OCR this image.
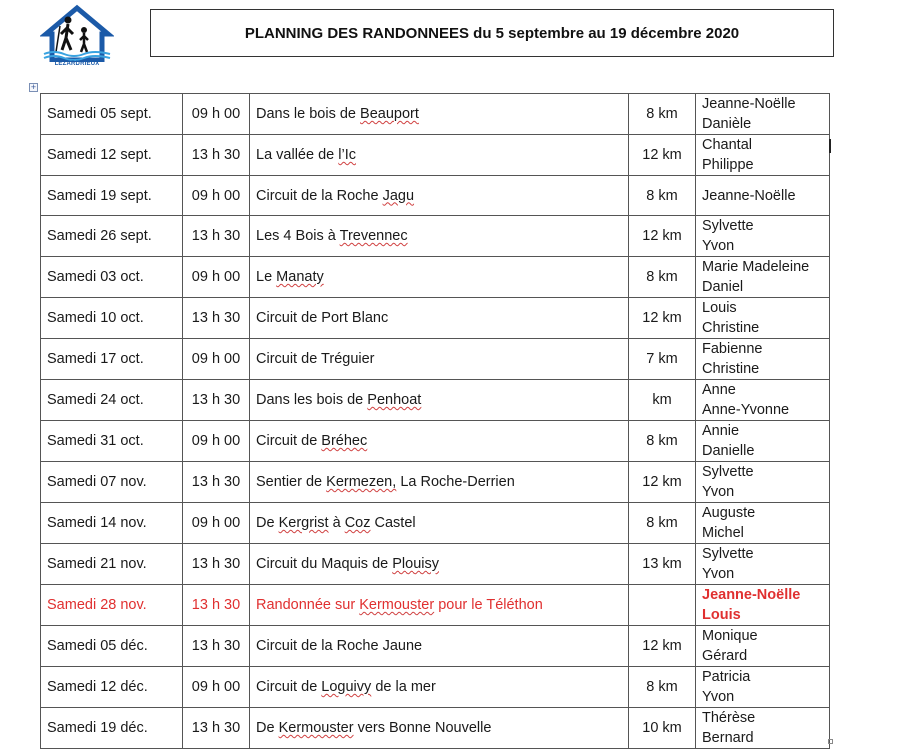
LEZARDRIEUX
PLANNING DES RANDONNEES du 5 septembre au 19 décembre 2020
+
Samedi 05 sept.	09 h 00	Dans le bois de Beauport	8 km	Jeanne-Noëlle
Danièle

Samedi 12 sept.	13 h 30	La vallée de l’Ic	12 km	Chantal
Philippe

Samedi 19 sept.	09 h 00	Circuit de la Roche Jagu	8 km	Jeanne-Noëlle

Samedi 26 sept.	13 h 30	Les 4 Bois à Trevennec	12 km	Sylvette
Yvon

Samedi 03 oct.	09 h 00	Le Manaty	8 km	Marie Madeleine
Daniel

Samedi 10 oct.	13 h 30	Circuit de Port Blanc	12 km	Louis
Christine

Samedi 17 oct.	09 h 00	Circuit de Tréguier	7 km	Fabienne
Christine

Samedi 24 oct.	13 h 30	Dans les bois de Penhoat	km	Anne
Anne-Yvonne

Samedi 31 oct.	09 h 00	Circuit de Bréhec	8 km	Annie
Danielle

Samedi 07 nov.	13 h 30	Sentier de Kermezen, La Roche-Derrien	12 km	Sylvette
Yvon

Samedi 14 nov.	09 h 00	De Kergrist à Coz Castel	8 km	Auguste
Michel

Samedi 21 nov.	13 h 30	Circuit du Maquis de Plouisy	13 km	Sylvette
Yvon

Samedi 28 nov.	13 h 30	Randonnée sur Kermouster pour le Téléthon		Jeanne-Noëlle
Louis

Samedi 05 déc.	13 h 30	Circuit de la Roche Jaune	12 km	Monique
Gérard

Samedi 12 déc.	09 h 00	Circuit de Loguivy de la mer	8 km	Patricia
Yvon

Samedi 19 déc.	13 h 30	De Kermouster vers Bonne Nouvelle	10 km	Thérèse
Bernard
